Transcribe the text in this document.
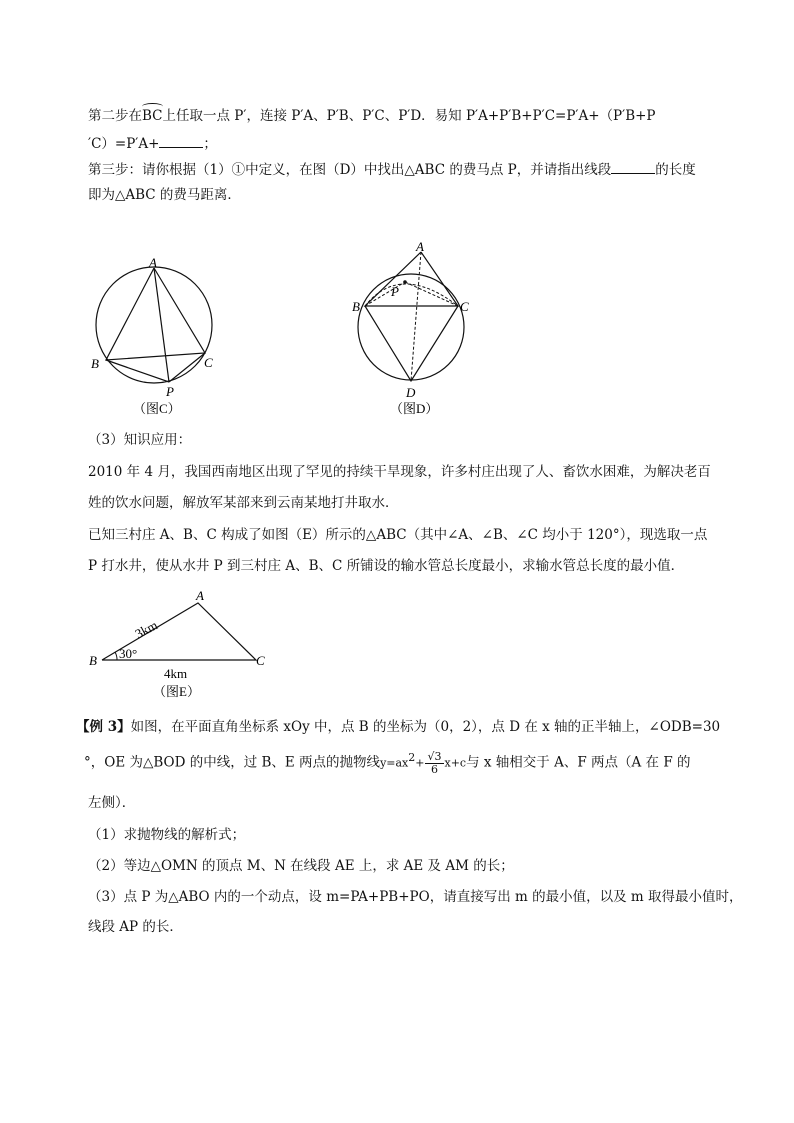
第二步在BC上任取一点 P′，连接 P′A、P′B、P′C、P′D．易知 P′A+P′B+P′C=P′A+（P′B+P
′C）=P′A+	；
第三步：请你根据（1）①中定义，在图（D）中找出△ABC 的费马点 P，并请指出线段	的长度
即为△ABC 的费马距离．
A
B	C
P
（图C）
A
B	C
P
D
（图D）
（3）知识应用：
2010 年 4 月，我国西南地区出现了罕见的持续干旱现象，许多村庄出现了人、畜饮水困难，为解决老百
姓的饮水问题，解放军某部来到云南某地打井取水．
已知三村庄 A、B、C 构成了如图（E）所示的△ABC（其中∠A、∠B、∠C 均小于 120°），现选取一点
P 打水井，使从水井 P 到三村庄 A、B、C 所铺设的输水管总长度最小，求输水管总长度的最小值．
A
B	C
3km
30°
4km
（图E）
【例 3】如图，在平面直角坐标系 xOy 中，点 B 的坐标为（0，2），点 D 在 x 轴的正半轴上，∠ODB=30
°，OE 为△BOD 的中线，过 B、E 两点的抛物线$y=ax^2+ \frac{√3}{6} x+c$与 x 轴相交于 A、F 两点（A 在 F 的
左侧）．
（1）求抛物线的解析式；
（2）等边△OMN 的顶点 M、N 在线段 AE 上，求 AE 及 AM 的长；
（3）点 P 为△ABO 内的一个动点，设 m=PA+PB+PO，请直接写出 m 的最小值，以及 m 取得最小值时，
线段 AP 的长．
